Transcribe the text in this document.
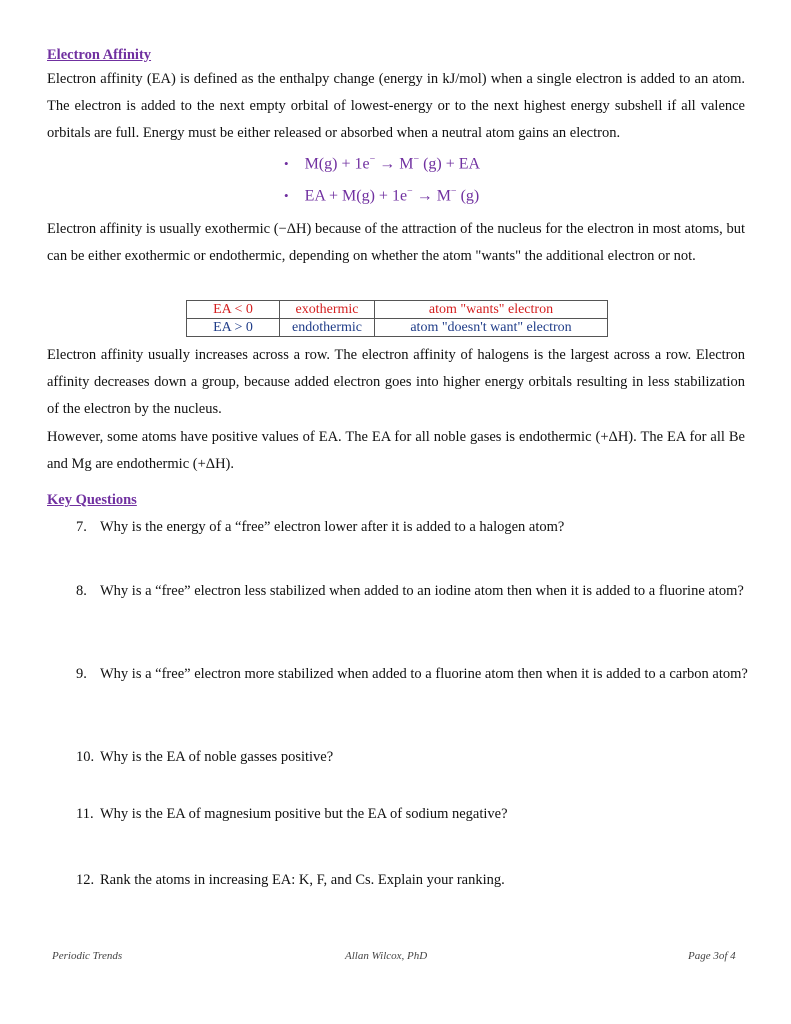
Electron Affinity
Electron affinity (EA) is defined as the enthalpy change (energy in kJ/mol) when a single electron is added to an atom. The electron is added to the next empty orbital of lowest-energy or to the next highest energy subshell if all valence orbitals are full. Energy must be either released or absorbed when a neutral atom gains an electron.
• M(g) + 1e− → M− (g) + EA
• EA + M(g) + 1e− → M− (g)
Electron affinity is usually exothermic (−ΔH) because of the attraction of the nucleus for the electron in most atoms, but can be either exothermic or endothermic, depending on whether the atom "wants" the additional electron or not.
EA < 0	exothermic	atom "wants" electron
EA > 0	endothermic	atom "doesn't want" electron
Electron affinity usually increases across a row. The electron affinity of halogens is the largest across a row. Electron affinity decreases down a group, because added electron goes into higher energy orbitals resulting in less stabilization of the electron by the nucleus.
However, some atoms have positive values of EA. The EA for all noble gases is endothermic (+ΔH). The EA for all Be and Mg are endothermic (+ΔH).
Key Questions
7. Why is the energy of a “free” electron lower after it is added to a halogen atom?
8. Why is a “free” electron less stabilized when added to an iodine atom then when it is added to a fluorine atom?
9. Why is a “free” electron more stabilized when added to a fluorine atom then when it is added to a carbon atom?
10. Why is the EA of noble gasses positive?
11. Why is the EA of magnesium positive but the EA of sodium negative?
12. Rank the atoms in increasing EA: K, F, and Cs. Explain your ranking.
Periodic Trends	Allan Wilcox, PhD	Page 3of 4
